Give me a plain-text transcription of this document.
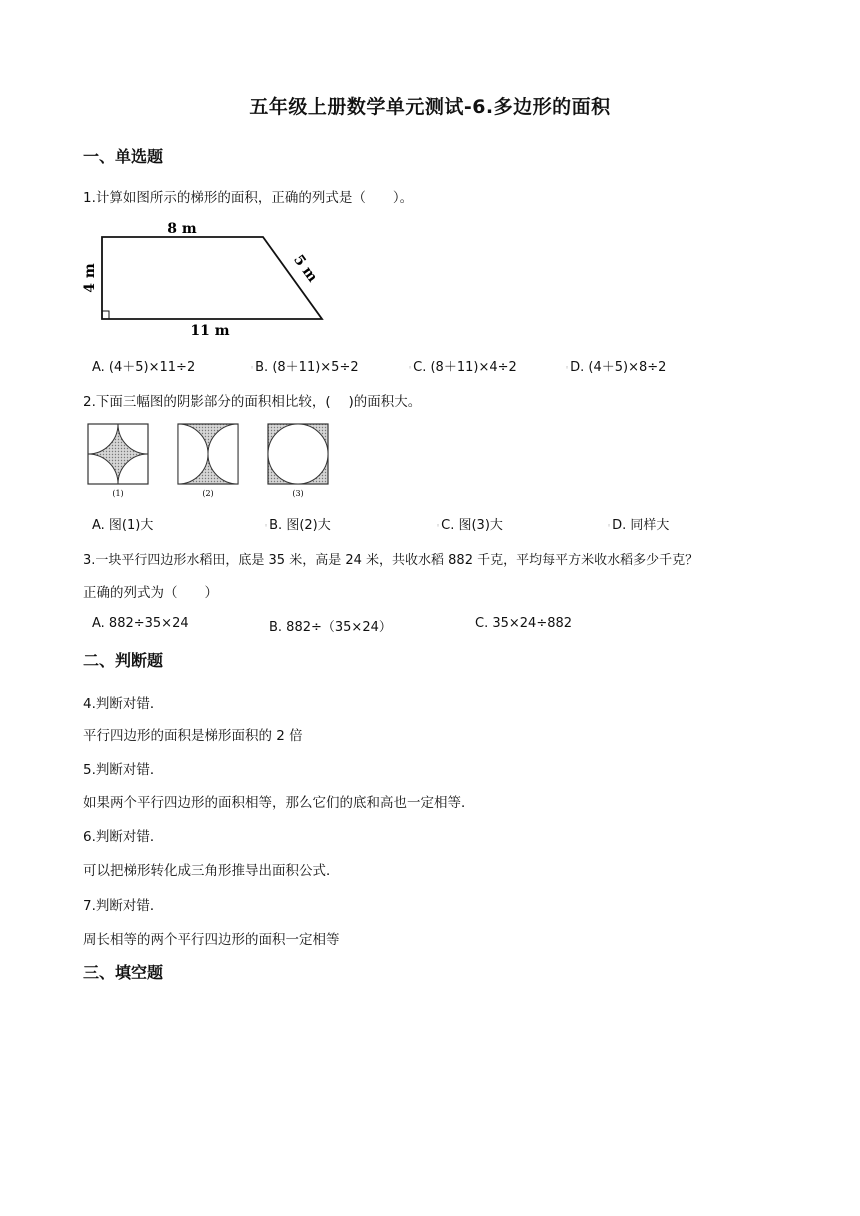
五年级上册数学单元测试-6.多边形的面积
一、单选题
1.计算如图所示的梯形的面积，正确的列式是（　　）。
8 m
4 m	5 m
11 m
A. (4＋5)×11÷2	◦B. (8＋11)×5÷2	◦C. (8＋11)×4÷2	◦D. (4＋5)×8÷2
2.下面三幅图的阴影部分的面积相比较，(　 )的面积大。
(1)	(2)	(3)
A. 图(1)大	◦B. 图(2)大	◦C. 图(3)大	◦D. 同样大
3.一块平行四边形水稻田，底是 35 米，高是 24 米，共收水稻 882 千克，平均每平方米收水稻多少千克？
正确的列式为（　　）
A. 882÷35×24	B. 882÷（35×24）	C. 35×24÷882
二、判断题
4.判断对错．
平行四边形的面积是梯形面积的 2 倍
5.判断对错．
如果两个平行四边形的面积相等，那么它们的底和高也一定相等．
6.判断对错．
可以把梯形转化成三角形推导出面积公式．
7.判断对错．
周长相等的两个平行四边形的面积一定相等
三、填空题
